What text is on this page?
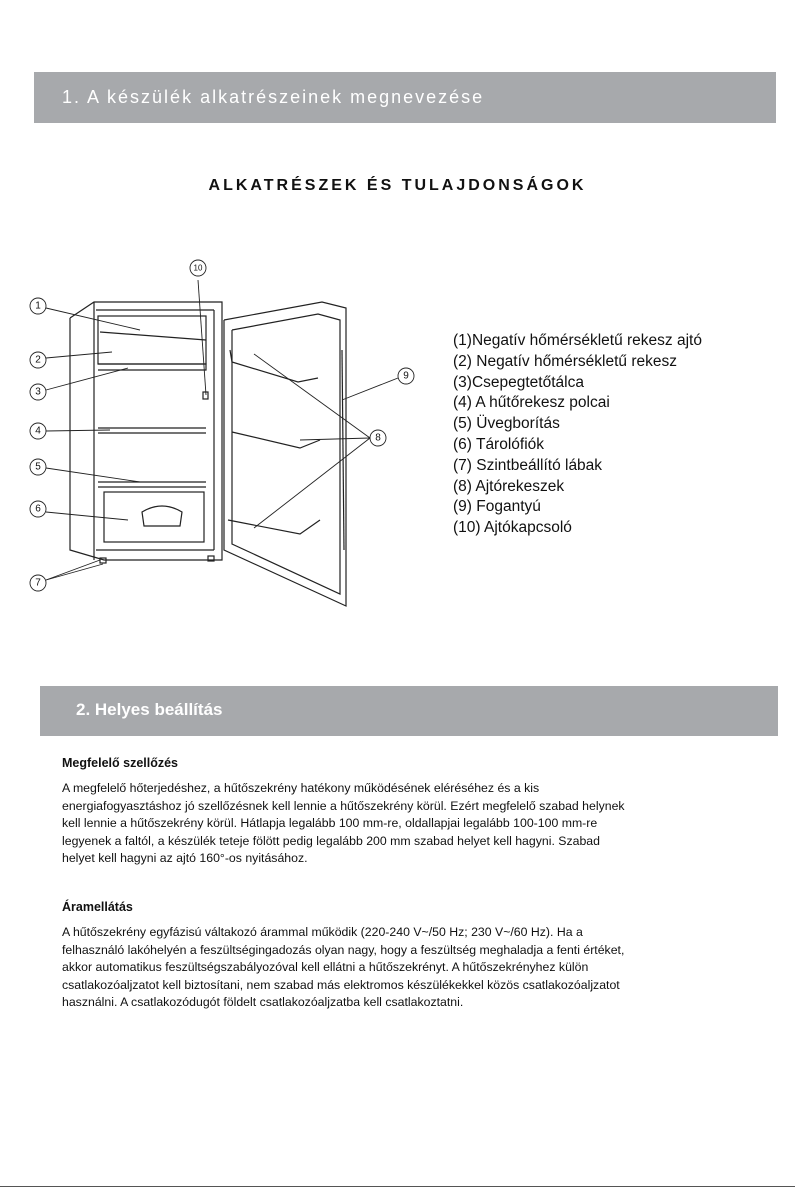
1. A készülék alkatrészeinek megnevezése
ALKATRÉSZEK ÉS TULAJDONSÁGOK
1
2
3
4
5
6
7
8
9
10
(1)Negatív hőmérsékletű rekesz ajtó
(2) Negatív hőmérsékletű rekesz
(3)Csepegtetőtálca
(4) A hűtőrekesz polcai
(5) Üvegborítás
(6) Tárolófiók
(7) Szintbeállító lábak
(8) Ajtórekeszek
(9) Fogantyú
(10) Ajtókapcsoló
2. Helyes beállítás
Megfelelő szellőzés

A megfelelő hőterjedéshez, a hűtőszekrény hatékony működésének eléréséhez és a kis energiafogyasztáshoz jó szellőzésnek kell lennie a hűtőszekrény körül. Ezért megfelelő szabad helynek kell lennie a hűtőszekrény körül. Hátlapja legalább 100 mm-re, oldallapjai legalább 100-100 mm-re legyenek a faltól, a készülék teteje fölött pedig legalább 200 mm szabad helyet kell hagyni. Szabad helyet kell hagyni az ajtó 160°-os nyitásához.

Áramellátás

A hűtőszekrény egyfázisú váltakozó árammal működik (220-240 V~/50 Hz; 230 V~/60 Hz). Ha a felhasználó lakóhelyén a feszültségingadozás olyan nagy, hogy a feszültség meghaladja a fenti értéket, akkor automatikus feszültségszabályozóval kell ellátni a hűtőszekrényt. A hűtőszekrényhez külön csatlakozóaljzatot kell biztosítani, nem szabad más elektromos készülékekkel közös csatlakozóaljzatot használni. A csatlakozódugót földelt csatlakozóaljzatba kell csatlakoztatni.
